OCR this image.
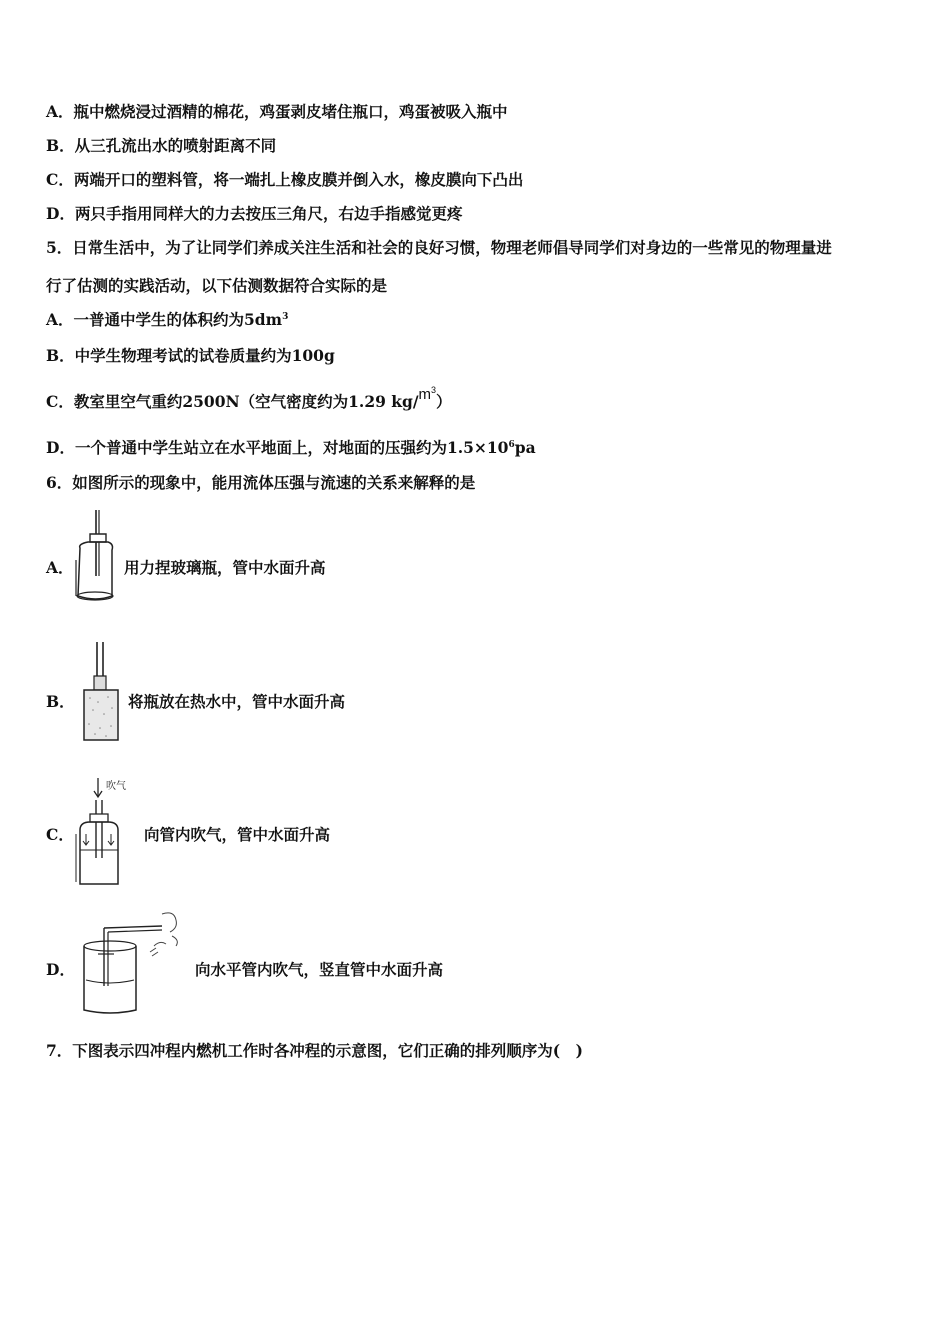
A．瓶中燃烧浸过酒精的棉花，鸡蛋剥皮堵住瓶口，鸡蛋被吸入瓶中
B．从三孔流出水的喷射距离不同
C．两端开口的塑料管，将一端扎上橡皮膜并倒入水，橡皮膜向下凸出
D．两只手指用同样大的力去按压三角尺，右边手指感觉更疼
5．日常生活中，为了让同学们养成关注生活和社会的良好习惯，物理老师倡导同学们对身边的一些常见的物理量进
行了估测的实践活动，以下估测数据符合实际的是
A．一普通中学生的体积约为$5dm^3$
B．中学生物理考试的试卷质量约为100g
C．教室里空气重约2500N（空气密度约为1.29 $kg/m^3$）
D．一个普通中学生站立在水平地面上，对地面的压强约为$1.5\times 10^6pa$
6．如图所示的现象中，能用流体压强与流速的关系来解释的是
A．	用力捏玻璃瓶，管中水面升高
B．	将瓶放在热水中，管中水面升高
C．
吹气
向管内吹气，管中水面升高
D．	向水平管内吹气，竖直管中水面升高
7．下图表示四冲程内燃机工作时各冲程的示意图，它们正确的排列顺序为(　)
